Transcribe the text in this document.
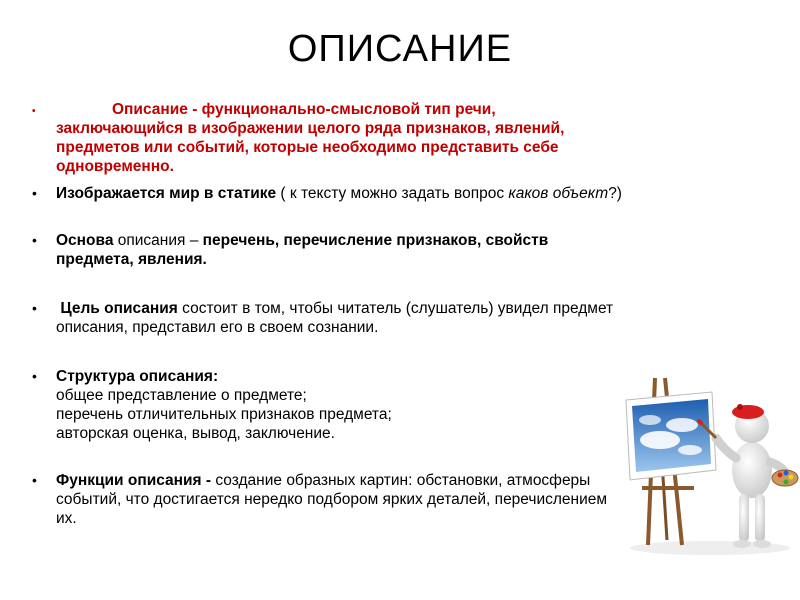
ОПИСАНИЕ
•	Описание - функционально-смысловой тип речи, заключающийся в изображении целого ряда признаков, явлений, предметов или событий, которые необходимо представить себе одновременно.
• Изображается мир в статике ( к тексту можно задать вопрос каков объект?)
• Основа описания – перечень, перечисление признаков, свойств предмета, явления.
• Цель описания состоит в том, чтобы читатель (слушатель) увидел предмет описания, представил его в своем сознании.
• Структура описания:
общее представление о предмете;
перечень отличительных признаков предмета;
авторская оценка, вывод, заключение.
• Функции описания - создание образных картин: обстановки, атмосферы событий, что достигается нередко подбором ярких деталей, перечислением их.
